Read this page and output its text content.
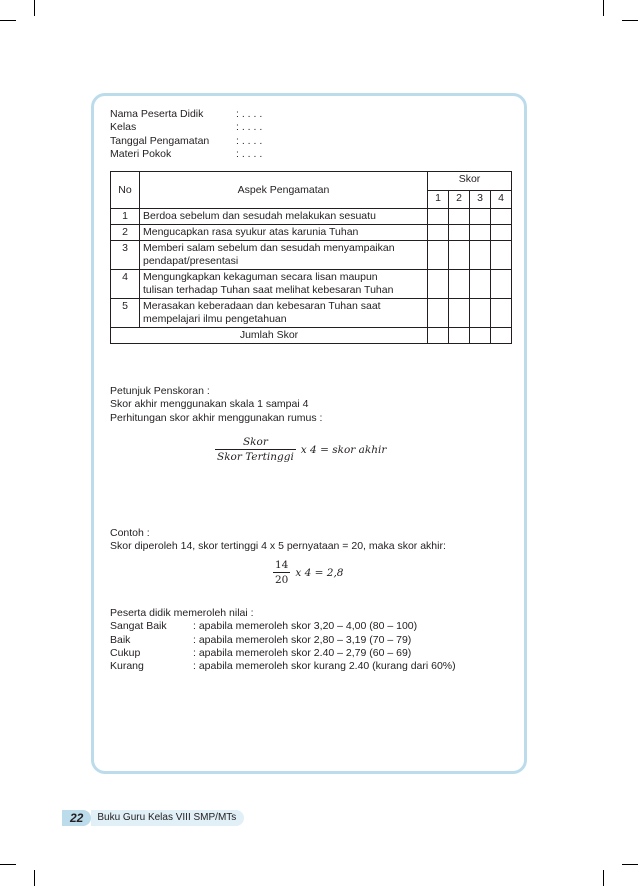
Nama Peserta Didik	: . . . .
Kelas	: . . . .
Tanggal Pengamatan	: . . . .
Materi Pokok	: . . . .
No	Aspek Pengamatan	Skor			
		1	2	3	4
1	Berdoa sebelum dan sesudah melakukan sesuatu				

2	Mengucapkan rasa syukur atas karunia Tuhan				

3	Memberi salam sebelum dan sesudah menyampaikan
pendapat/presentasi				

4	Mengungkapkan kekaguman secara lisan maupun
tulisan terhadap Tuhan saat melihat kebesaran Tuhan				

5	Merasakan keberadaan dan kebesaran Tuhan saat
mempelajari ilmu pengetahuan				

Jumlah Skor					
Petunjuk Penskoran :
Skor akhir menggunakan skala 1 sampai 4
Perhitungan skor akhir menggunakan rumus :
$\frac{\text{Skor}}{\text{Skor Tertinggi}}$ x 4 = skor akhir
Contoh :
Skor diperoleh 14, skor tertinggi 4 x 5 pernyataan = 20, maka skor akhir:
$\frac{14}{20}$ x 4 = 2,8
Peserta didik memeroleh nilai :
Sangat Baik	: apabila memeroleh skor 3,20 – 4,00 (80 – 100)
Baik	: apabila memeroleh skor 2,80 – 3,19 (70 – 79)
Cukup	: apabila memeroleh skor 2.40 – 2,79 (60 – 69)
Kurang	: apabila memeroleh skor kurang 2.40 (kurang dari 60%)
22	Buku Guru Kelas VIII SMP/MTs
